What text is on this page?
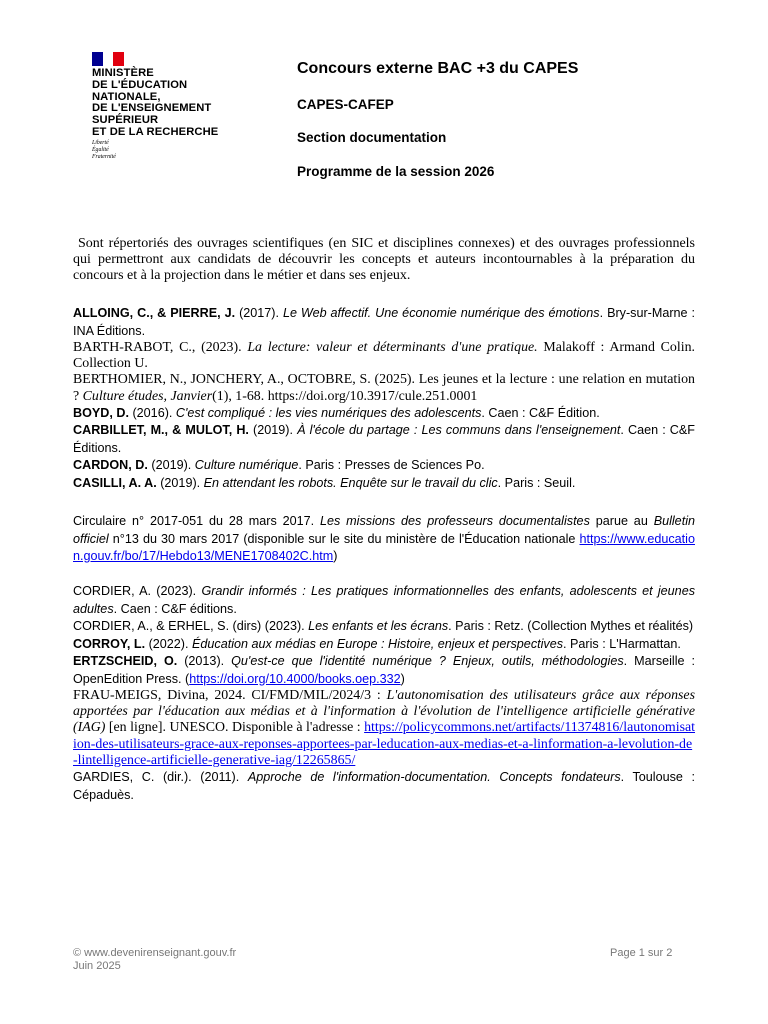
MINISTÈRE
DE L'ÉDUCATION
NATIONALE,
DE L'ENSEIGNEMENT
SUPÉRIEUR
ET DE LA RECHERCHE
Liberté
Égalité
Fraternité
Concours externe BAC +3 du CAPES
CAPES-CAFEP
Section documentation
Programme de la session 2026

Sont répertoriés des ouvrages scientifiques (en SIC et disciplines connexes) et des ouvrages professionnels qui permettront aux candidats de découvrir les concepts et auteurs incontournables à la préparation du concours et à la projection dans le métier et dans ses enjeux.

ALLOING, C., & PIERRE, J. (2017). Le Web affectif. Une économie numérique des émotions. Bry-sur-Marne : INA Éditions.

BARTH-RABOT, C., (2023). La lecture: valeur et déterminants d'une pratique. Malakoff : Armand Colin. Collection U.

BERTHOMIER, N., JONCHERY, A., OCTOBRE, S. (2025). Les jeunes et la lecture : une relation en mutation ? Culture études, Janvier(1), 1-68. https://doi.org/10.3917/cule.251.0001

BOYD, D. (2016). C'est compliqué : les vies numériques des adolescents. Caen : C&F Édition.

CARBILLET, M., & MULOT, H. (2019). À l'école du partage : Les communs dans l'enseignement. Caen : C&F Éditions.

CARDON, D. (2019). Culture numérique. Paris : Presses de Sciences Po.

CASILLI, A. A. (2019). En attendant les robots. Enquête sur le travail du clic. Paris : Seuil.

Circulaire n° 2017-051 du 28 mars 2017. Les missions des professeurs documentalistes parue au Bulletin officiel n°13 du 30 mars 2017 (disponible sur le site du ministère de l'Éducation nationale https://www.education.gouv.fr/bo/17/Hebdo13/MENE1708402C.htm)

CORDIER, A. (2023). Grandir informés : Les pratiques informationnelles des enfants, adolescents et jeunes adultes. Caen : C&F éditions.

CORDIER, A., & ERHEL, S. (dirs) (2023). Les enfants et les écrans. Paris : Retz. (Collection Mythes et réalités)

CORROY, L. (2022). Éducation aux médias en Europe : Histoire, enjeux et perspectives. Paris : L'Harmattan.

ERTZSCHEID, O. (2013). Qu'est-ce que l'identité numérique ? Enjeux, outils, méthodologies. Marseille : OpenEdition Press. (https://doi.org/10.4000/books.oep.332)

FRAU-MEIGS, Divina, 2024. CI/FMD/MIL/2024/3 : L'autonomisation des utilisateurs grâce aux réponses apportées par l'éducation aux médias et à l'information à l'évolution de l'intelligence artificielle générative (IAG) [en ligne]. UNESCO. Disponible à l'adresse : https://policycommons.net/artifacts/11374816/lautonomisation-des-utilisateurs-grace-aux-reponses-apportees-par-leducation-aux-medias-et-a-linformation-a-levolution-de-lintelligence-artificielle-generative-iag/12265865/

GARDIES, C. (dir.). (2011). Approche de l'information-documentation. Concepts fondateurs. Toulouse : Cépaduès.

© www.devenirenseignant.gouv.fr
Juin 2025
Page 1 sur 2
